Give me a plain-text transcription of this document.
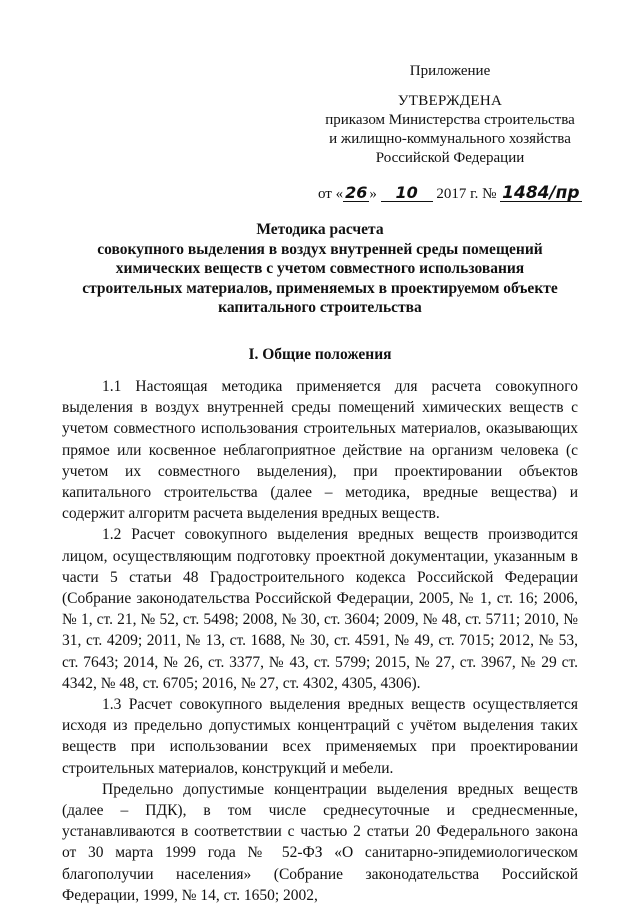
Приложение
УТВЕРЖДЕНА
приказом Министерства строительства
и жилищно-коммунального хозяйства
Российской Федерации
от « 26 » 10 2017 г. № 1484/пр
Методика расчета
совокупного выделения в воздух внутренней среды помещений
химических веществ с учетом совместного использования
строительных материалов, применяемых в проектируемом объекте
капитального строительства
I. Общие положения

1.1 Настоящая методика применяется для расчета совокупного выделения в воздух внутренней среды помещений химических веществ с учетом совместного использования строительных материалов, оказывающих прямое или косвенное неблагоприятное действие на организм человека (с учетом их совместного выделения), при проектировании объектов капитального строительства (далее – методика, вредные вещества) и содержит алгоритм расчета выделения вредных веществ.

1.2 Расчет совокупного выделения вредных веществ производится лицом, осуществляющим подготовку проектной документации, указанным в части 5 статьи 48 Градостроительного кодекса Российской Федерации (Собрание законодательства Российской Федерации, 2005, № 1, ст. 16; 2006, № 1, ст. 21, № 52, ст. 5498; 2008, № 30, ст. 3604; 2009, № 48, ст. 5711; 2010, № 31, ст. 4209; 2011, № 13, ст. 1688, № 30, ст. 4591, № 49, ст. 7015; 2012, № 53, ст. 7643; 2014, № 26, ст. 3377, № 43, ст. 5799; 2015, № 27, ст. 3967, № 29 ст. 4342, № 48, ст. 6705; 2016, № 27, ст. 4302, 4305, 4306).

1.3 Расчет совокупного выделения вредных веществ осуществляется исходя из предельно допустимых концентраций с учётом выделения таких веществ при использовании всех применяемых при проектировании строительных материалов, конструкций и мебели.

Предельно допустимые концентрации выделения вредных веществ (далее – ПДК), в том числе среднесуточные и среднесменные, устанавливаются в соответствии с частью 2 статьи 20 Федерального закона от 30 марта 1999 года № 52-ФЗ «О санитарно-эпидемиологическом благополучии населения» (Собрание законодательства Российской Федерации, 1999, № 14, ст. 1650; 2002,
